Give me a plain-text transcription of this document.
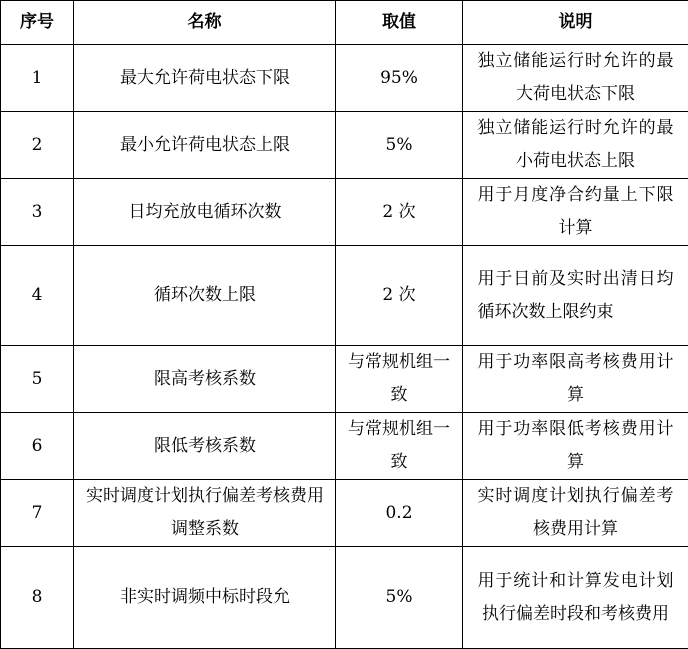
序号	名称	取值	说明
1	最大允许荷电状态下限	95%	独立储能运行时允许的最大荷电状态下限
2	最小允许荷电状态上限	5%	独立储能运行时允许的最小荷电状态上限
3	日均充放电循环次数	2 次	用于月度净合约量上下限计算
4	循环次数上限	2 次	用于日前及实时出清日均循环次数上限约束
5	限高考核系数	与常规机组一致	用于功率限高考核费用计算
6	限低考核系数	与常规机组一致	用于功率限低考核费用计算
7	实时调度计划执行偏差考核费用调整系数	0.2	实时调度计划执行偏差考核费用计算
8	非实时调频中标时段允	5%	用于统计和计算发电计划执行偏差时段和考核费用
